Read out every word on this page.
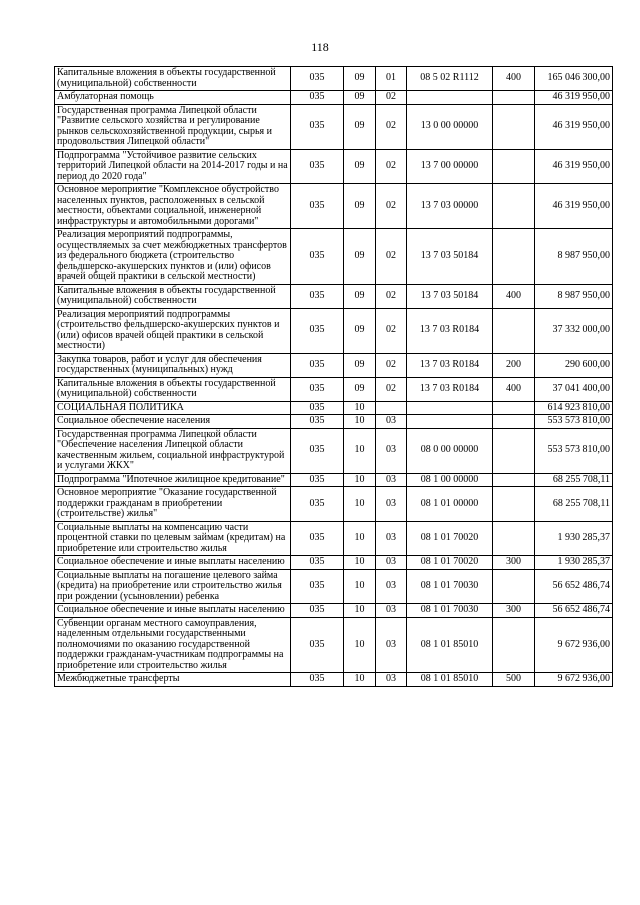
118
Капитальные вложения в объекты государственной (муниципальной) собственности	035	09	01	08 5 02 R1112	400	165 046 300,00
Амбулаторная помощь	035	09	02			46 319 950,00
Государственная программа Липецкой области "Развитие сельского хозяйства и регулирование рынков сельскохозяйственной продукции, сырья и продовольствия Липецкой области"	035	09	02	13 0 00 00000		46 319 950,00
Подпрограмма "Устойчивое развитие сельских территорий Липецкой области на 2014-2017 годы и на период до 2020 года"	035	09	02	13 7 00 00000		46 319 950,00
Основное мероприятие "Комплексное обустройство населенных пунктов, расположенных в сельской местности, объектами социальной, инженерной инфраструктуры и автомобильными дорогами"	035	09	02	13 7 03 00000		46 319 950,00
Реализация мероприятий подпрограммы, осуществляемых за счет межбюджетных трансфертов из федерального бюджета (строительство фельдшерско-акушерских пунктов и (или) офисов врачей общей практики в сельской местности)	035	09	02	13 7 03 50184		8 987 950,00
Капитальные вложения в объекты государственной (муниципальной) собственности	035	09	02	13 7 03 50184	400	8 987 950,00
Реализация мероприятий подпрограммы (строительство фельдшерско-акушерских пунктов и (или) офисов врачей общей практики в сельской местности)	035	09	02	13 7 03 R0184		37 332 000,00
Закупка товаров, работ и услуг для обеспечения государственных (муниципальных) нужд	035	09	02	13 7 03 R0184	200	290 600,00
Капитальные вложения в объекты государственной (муниципальной) собственности	035	09	02	13 7 03 R0184	400	37 041 400,00
СОЦИАЛЬНАЯ ПОЛИТИКА	035	10				614 923 810,00
Социальное обеспечение населения	035	10	03			553 573 810,00
Государственная программа Липецкой области "Обеспечение населения Липецкой области качественным жильем, социальной инфраструктурой и услугами ЖКХ"	035	10	03	08 0 00 00000		553 573 810,00
Подпрограмма "Ипотечное жилищное кредитование"	035	10	03	08 1 00 00000		68 255 708,11
Основное мероприятие "Оказание государственной поддержки гражданам в приобретении (строительстве) жилья"	035	10	03	08 1 01 00000		68 255 708,11
Социальные выплаты на компенсацию части процентной ставки по целевым займам (кредитам) на приобретение или строительство жилья	035	10	03	08 1 01 70020		1 930 285,37
Социальное обеспечение и иные выплаты населению	035	10	03	08 1 01 70020	300	1 930 285,37
Социальные выплаты на погашение целевого займа (кредита) на приобретение или строительство жилья при рождении (усыновлении) ребенка	035	10	03	08 1 01 70030		56 652 486,74
Социальное обеспечение и иные выплаты населению	035	10	03	08 1 01 70030	300	56 652 486,74
Субвенции органам местного самоуправления, наделенным отдельными государственными полномочиями по оказанию государственной поддержки гражданам-участникам подпрограммы на приобретение или строительство жилья	035	10	03	08 1 01 85010		9 672 936,00
Межбюджетные трансферты	035	10	03	08 1 01 85010	500	9 672 936,00
